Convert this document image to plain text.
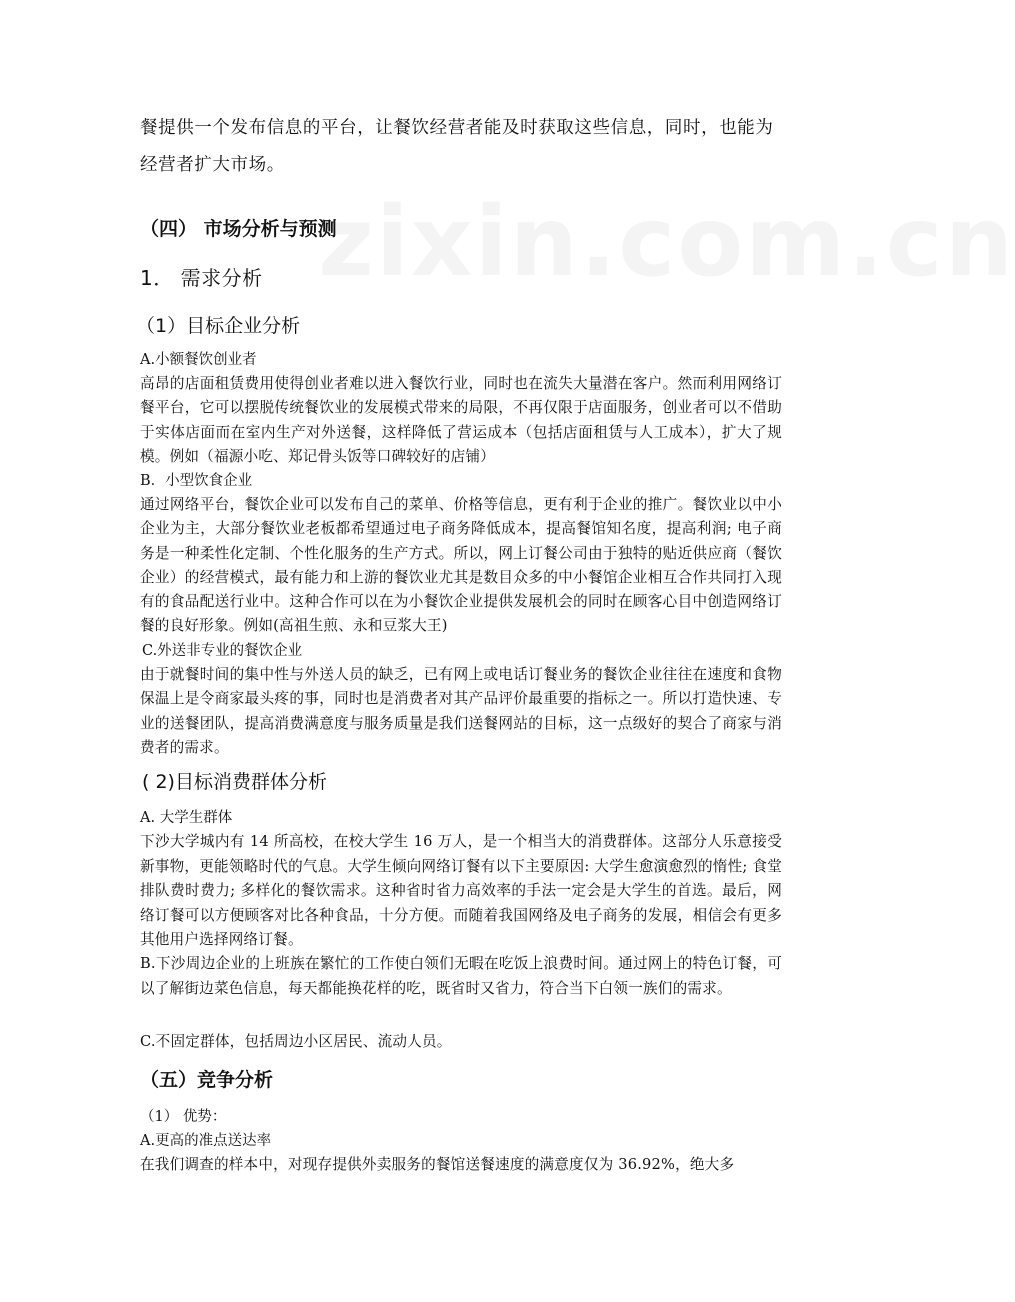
zixin.com.cn

餐提供一个发布信息的平台，让餐饮经营者能及时获取这些信息，同时，也能为经营者扩大市场。

（四） 市场分析与预测

1． 需求分析

（1）目标企业分析

A.小额餐饮创业者

高昂的店面租赁费用使得创业者难以进入餐饮行业，同时也在流失大量潜在客户。然而利用网络订餐平台，它可以摆脱传统餐饮业的发展模式带来的局限，不再仅限于店面服务，创业者可以不借助于实体店面而在室内生产对外送餐，这样降低了营运成本（包括店面租赁与人工成本），扩大了规模。例如（福源小吃、郑记骨头饭等口碑较好的店铺）

B．小型饮食企业

通过网络平台，餐饮企业可以发布自己的菜单、价格等信息，更有利于企业的推广。餐饮业以中小企业为主，大部分餐饮业老板都希望通过电子商务降低成本，提高餐馆知名度，提高利润; 电子商务是一种柔性化定制、个性化服务的生产方式。所以，网上订餐公司由于独特的贴近供应商（餐饮企业）的经营模式，最有能力和上游的餐饮业尤其是数目众多的中小餐馆企业相互合作共同打入现有的食品配送行业中。这种合作可以在为小餐饮企业提供发展机会的同时在顾客心目中创造网络订餐的良好形象。例如(高祖生煎、永和豆浆大王)

C.外送非专业的餐饮企业

由于就餐时间的集中性与外送人员的缺乏，已有网上或电话订餐业务的餐饮企业往往在速度和食物保温上是令商家最头疼的事，同时也是消费者对其产品评价最重要的指标之一。所以打造快速、专业的送餐团队，提高消费满意度与服务质量是我们送餐网站的目标，这一点级好的契合了商家与消费者的需求。

( 2)目标消费群体分析

A. 大学生群体

下沙大学城内有 14 所高校，在校大学生 16 万人，是一个相当大的消费群体。这部分人乐意接受新事物，更能领略时代的气息。大学生倾向网络订餐有以下主要原因: 大学生愈演愈烈的惰性; 食堂排队费时费力; 多样化的餐饮需求。这种省时省力高效率的手法一定会是大学生的首选。最后，网络订餐可以方便顾客对比各种食品，十分方便。而随着我国网络及电子商务的发展，相信会有更多其他用户选择网络订餐。

B.下沙周边企业的上班族在繁忙的工作使白领们无暇在吃饭上浪费时间。通过网上的特色订餐，可以了解街边菜色信息，每天都能换花样的吃，既省时又省力，符合当下白领一族们的需求。

C.不固定群体，包括周边小区居民、流动人员。

（五）竞争分析

（1） 优势：

A.更高的准点送达率

在我们调查的样本中，对现存提供外卖服务的餐馆送餐速度的满意度仅为 36.92%，绝大多
